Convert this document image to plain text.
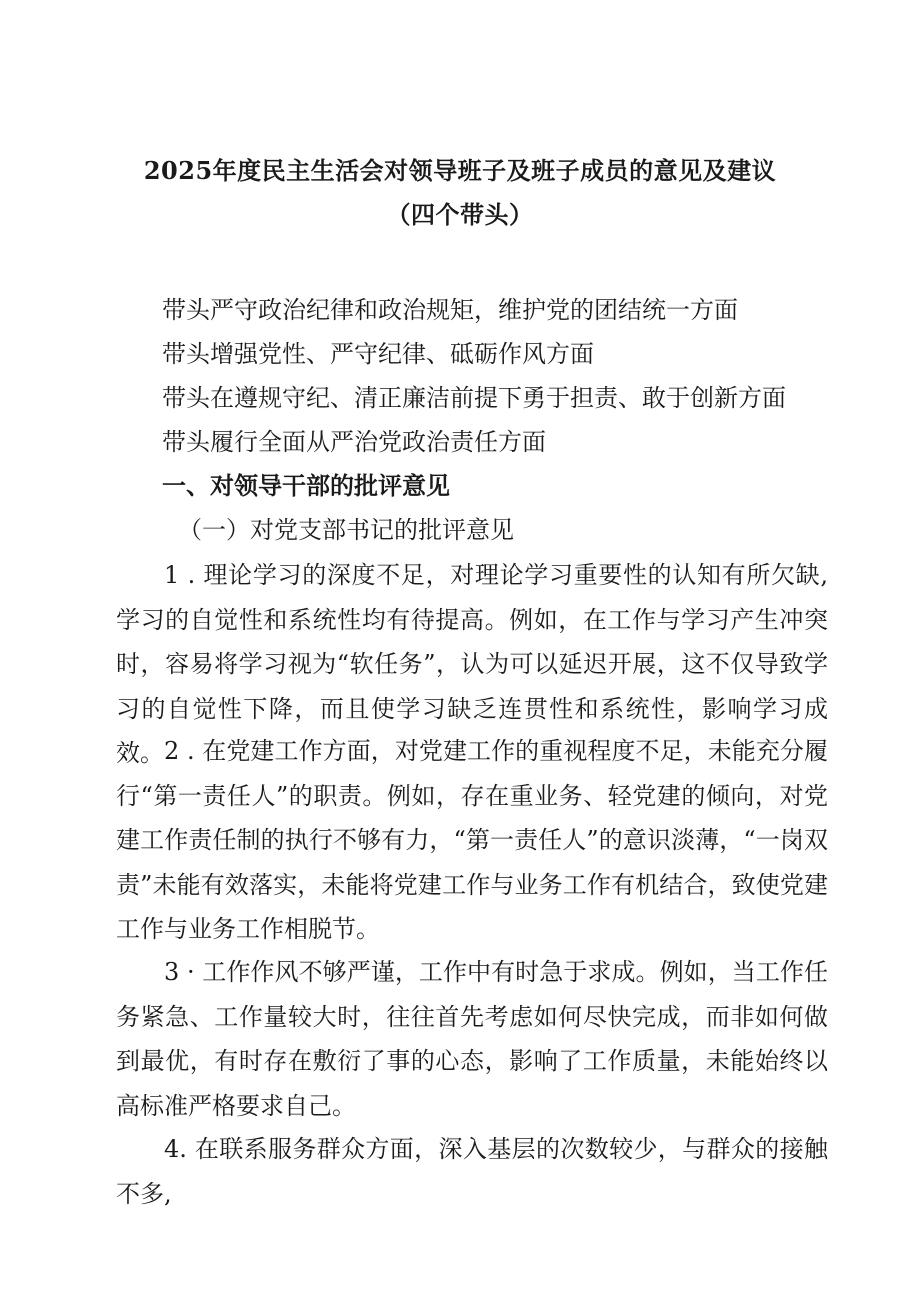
2025年度民主生活会对领导班子及班子成员的意见及建议
（四个带头）
带头严守政治纪律和政治规矩，维护党的团结统一方面
带头增强党性、严守纪律、砥砺作风方面
带头在遵规守纪、清正廉洁前提下勇于担责、敢于创新方面
带头履行全面从严治党政治责任方面
一、对领导干部的批评意见
（一）对党支部书记的批评意见
1 . 理论学习的深度不足，对理论学习重要性的认知有所欠缺, 学习的自觉性和系统性均有待提高。例如，在工作与学习产生冲突时，容易将学习视为“软任务”，认为可以延迟开展，这不仅导致学习的自觉性下降，而且使学习缺乏连贯性和系统性，影响学习成效。 2 . 在党建工作方面，对党建工作的重视程度不足，未能充分履行“第一责任人”的职责。例如，存在重业务、轻党建的倾向，对党建工作责任制的执行不够有力，“第一责任人”的意识淡薄，“一岗双责”未能有效落实，未能将党建工作与业务工作有机结合，致使党建工作与业务工作相脱节。
3 · 工作作风不够严谨，工作中有时急于求成。例如，当工作任务紧急、工作量较大时，往往首先考虑如何尽快完成，而非如何做到最优，有时存在敷衍了事的心态，影响了工作质量，未能始终以高标准严格要求自己。
4. 在联系服务群众方面，深入基层的次数较少，与群众的接触不多,
